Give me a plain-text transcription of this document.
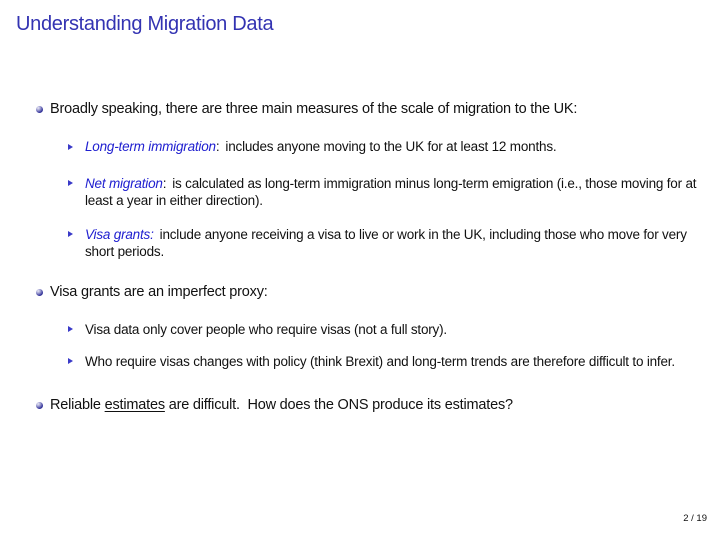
Understanding Migration Data
Broadly speaking, there are three main measures of the scale of migration to the UK:
Long-term immigration: includes anyone moving to the UK for at least 12 months.
Net migration: is calculated as long-term immigration minus long-term emigration (i.e., those moving for at least a year in either direction).
Visa grants: include anyone receiving a visa to live or work in the UK, including those who move for very short periods.
Visa grants are an imperfect proxy:
Visa data only cover people who require visas (not a full story).
Who require visas changes with policy (think Brexit) and long-term trends are therefore difficult to infer.
Reliable estimates are difficult.  How does the ONS produce its estimates?
2 / 19
